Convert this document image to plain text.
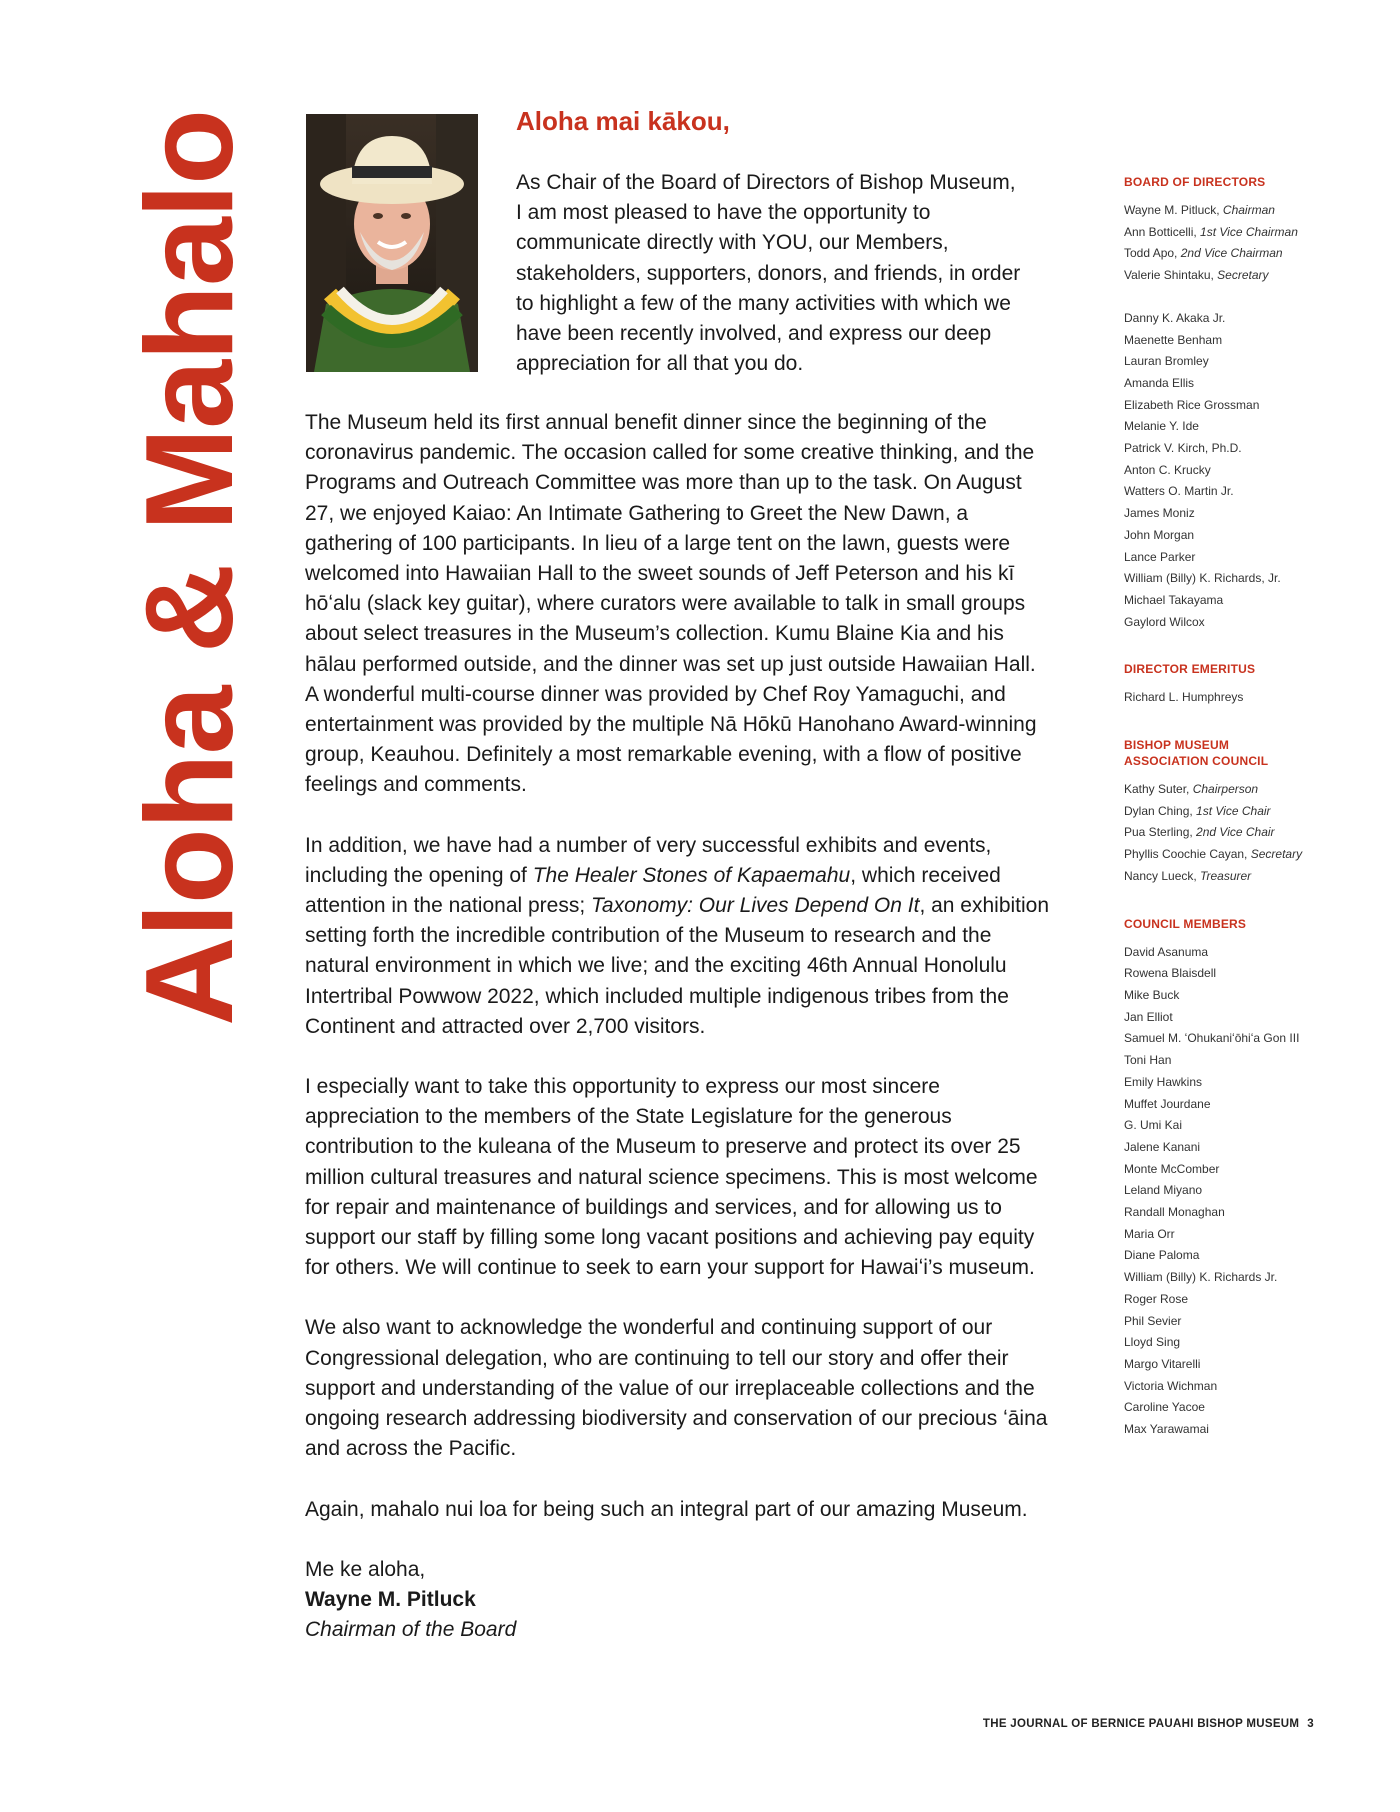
Aloha & Mahalo	Aloha mai kākou,

As Chair of the Board of Directors of Bishop Museum, I am most pleased to have the opportunity to communicate directly with YOU, our Members, stakeholders, supporters, donors, and friends, in order to highlight a few of the many activities with which we have been recently involved, and express our deep appreciation for all that you do.

The Museum held its first annual benefit dinner since the beginning of the coronavirus pandemic. The occasion called for some creative thinking, and the Programs and Outreach Committee was more than up to the task. On August 27, we enjoyed Kaiao: An Intimate Gathering to Greet the New Dawn, a gathering of 100 participants. In lieu of a large tent on the lawn, guests were welcomed into Hawaiian Hall to the sweet sounds of Jeff Peterson and his kī hōʻalu (slack key guitar), where curators were available to talk in small groups about select treasures in the Museum’s collection. Kumu Blaine Kia and his hālau performed outside, and the dinner was set up just outside Hawaiian Hall. A wonderful multi-course dinner was provided by Chef Roy Yamaguchi, and entertainment was provided by the multiple Nā Hōkū Hanohano Award-winning group, Keauhou. Definitely a most remarkable evening, with a flow of positive feelings and comments.

In addition, we have had a number of very successful exhibits and events, including the opening of The Healer Stones of Kapaemahu, which received attention in the national press; Taxonomy: Our Lives Depend On It, an exhibition setting forth the incredible contribution of the Museum to research and the natural environment in which we live; and the exciting 46th Annual Honolulu Intertribal Powwow 2022, which included multiple indigenous tribes from the Continent and attracted over 2,700 visitors.

I especially want to take this opportunity to express our most sincere appreciation to the members of the State Legislature for the generous contribution to the kuleana of the Museum to preserve and protect its over 25 million cultural treasures and natural science specimens. This is most welcome for repair and maintenance of buildings and services, and for allowing us to support our staff by filling some long vacant positions and achieving pay equity for others. We will continue to seek to earn your support for Hawaiʻi’s museum.

We also want to acknowledge the wonderful and continuing support of our Congressional delegation, who are continuing to tell our story and offer their support and understanding of the value of our irreplaceable collections and the ongoing research addressing biodiversity and conservation of our precious ʻāina and across the Pacific.

Again, mahalo nui loa for being such an integral part of our amazing Museum.

Me ke aloha,
Wayne M. Pitluck
Chairman of the Board

BOARD OF DIRECTORS
Wayne M. Pitluck, Chairman
Ann Botticelli, 1st Vice Chairman
Todd Apo, 2nd Vice Chairman
Valerie Shintaku, Secretary
Danny K. Akaka Jr.
Maenette Benham
Lauran Bromley
Amanda Ellis
Elizabeth Rice Grossman
Melanie Y. Ide
Patrick V. Kirch, Ph.D.
Anton C. Krucky
Watters O. Martin Jr.
James Moniz
John Morgan
Lance Parker
William (Billy) K. Richards, Jr.
Michael Takayama
Gaylord Wilcox
DIRECTOR EMERITUS
Richard L. Humphreys
BISHOP MUSEUM
ASSOCIATION COUNCIL
Kathy Suter, Chairperson
Dylan Ching, 1st Vice Chair
Pua Sterling, 2nd Vice Chair
Phyllis Coochie Cayan, Secretary
Nancy Lueck, Treasurer
COUNCIL MEMBERS
David Asanuma
Rowena Blaisdell
Mike Buck
Jan Elliot
Samuel M. ʻOhukaniʻōhiʻa Gon III
Toni Han
Emily Hawkins
Muffet Jourdane
G. Umi Kai
Jalene Kanani
Monte McComber
Leland Miyano
Randall Monaghan
Maria Orr
Diane Paloma
William (Billy) K. Richards Jr.
Roger Rose
Phil Sevier
Lloyd Sing
Margo Vitarelli
Victoria Wichman
Caroline Yacoe
Max Yarawamai
THE JOURNAL OF BERNICE PAUAHI BISHOP MUSEUM 3
